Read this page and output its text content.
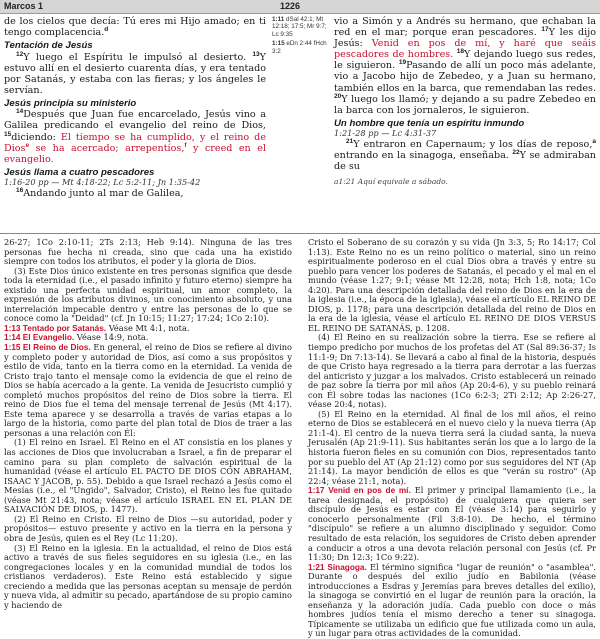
Marcos 1	1226
de los cielos que decía: Tú eres mi Hijo amado; en ti tengo complacencia.$^d$
Tentación de Jesús
$^{12}$Y luego el Espíritu le impulsó al desierto. $^{13}$Y estuvo allí en el desierto cuarenta días, y era tentado por Satanás, y estaba con las fieras; y los ángeles le servían.
Jesús principia su ministerio
$^{14}$Después que Juan fue encarcelado, Jesús vino a Galilea predicando el evangelio del reino de Dios, $^{15}$diciendo: El tiempo se ha cumplido, y el reino de Dios$^e$ se ha acercado; arrepentíos,$^f$ y creed en el evangelio.
Jesús llama a cuatro pescadores
1:16-20 pp — Mt 4:18-22; Lc 5:2-11; Jn 1:35-42
$^{16}$Andando junto al mar de Galilea,
1:11 dSal 42:1; Mt 12:18; 17:5; Mr 9:7; Lc 9:35
1:15 eDn 2:44 fHch 3:2
vio a Simón y a Andrés su hermano, que echaban la red en el mar; porque eran pescadores. $^{17}$Y les dijo Jesús: Venid en pos de mí, y haré que seáis pescadores de hombres. $^{18}$Y dejando luego sus redes, le siguieron. $^{19}$Pasando de allí un poco más adelante, vio a Jacobo hijo de Zebedeo, y a Juan su hermano, también ellos en la barca, que remendaban las redes. $^{20}$Y luego los llamó; y dejando a su padre Zebedeo en la barca con los jornaleros, le siguieron.
Un hombre que tenía un espíritu inmundo
1:21-28 pp — Lc 4:31-37
$^{21}$Y entraron en Capernaum; y los días de reposo,$^a$ entrando en la sinagoga, enseñaba. $^{22}$Y se admiraban de su
a1:21 Aquí equivale a sábado.

26-27; 1Co 2:10-11; 2Ts 2:13; Heb 9:14). Ninguna de las tres personas fue hecha ni creada, sino que cada una ha existido siempre con todos los atributos, el poder y la gloria de Dios.

(3) Este Dios único existente en tres personas significa que desde toda la eternidad (i.e., el pasado infinito y futuro eterno) siempre ha existido una perfecta unidad espiritual, un amor completo, la expresión de los atributos divinos, un conocimiento absoluto, y una interrelación impecable dentro y entre las personas de lo que se conoce como la "Deidad" (cf. Jn 10:15; 11:27; 17:24; 1Co 2:10).

1:13 Tentado por Satanás. Véase Mt 4:1, nota.

1:14 El Evangelio. Véase 14:9, nota.

1:15 El Reino de Dios. En general, el reino de Dios se refiere al divino y completo poder y autoridad de Dios, así como a sus propósitos y estilo de vida, tanto en la tierra como en la eternidad. La venida de Cristo trajo tanto el mensaje como la evidencia de que el reino de Dios se había acercado a la gente. La venida de Jesucristo cumplió y completó muchos propósitos del reino de Dios sobre la tierra. El reino de Dios fue el tema del mensaje terrenal de Jesús (Mt 4:17). Este tema aparece y se desarrolla a través de varias etapas a lo largo de la historia, como parte del plan total de Dios de traer a las personas a una relación con Él:

(1) El reino en Israel. El Reino en el AT consistía en los planes y las acciones de Dios que involucraban a Israel, a fin de preparar el camino para su plan completo de salvación espiritual de la humanidad (véase el artículo EL PACTO DE DIOS CON ABRAHAM, ISAAC Y JACOB, p. 55). Debido a que Israel rechazó a Jesús como el Mesías (i.e., el "Ungido", Salvador, Cristo), el Reino les fue quitado (véase Mt 21:43, nota; véase el artículo ISRAEL EN EL PLAN DE SALVACIÓN DE DIOS, p. 1477).

(2) El Reino en Cristo. El reino de Dios —su autoridad, poder y propósitos— estuvo presente y activo en la tierra en la persona y obra de Jesús, quien es el Rey (Lc 11:20).

(3) El Reino en la iglesia. En la actualidad, el reino de Dios está activo a través de sus fieles seguidores en su iglesia (i.e., en las congregaciones locales y en la comunidad mundial de todos los cristianos verdaderos). Este Reino está establecido y sigue creciendo a medida que las personas aceptan su mensaje de perdón y nueva vida, al admitir su pecado, apartándose de su propio camino y haciendo de

Cristo el Soberano de su corazón y su vida (Jn 3:3, 5; Ro 14:17; Col 1:13). Este Reino no es un reino político o material, sino un reino espiritualmente poderoso en el cual Dios obra a través y entre su pueblo para vencer los poderes de Satanás, el pecado y el mal en el mundo (véase 1:27; 9:1; véase Mt 12:28, nota; Hch 1:8, nota; 1Co 4:20). Para una descripción detallada del reino de Dios en la era de la iglesia (i.e., la época de la iglesia), véase el artículo EL REINO DE DIOS, p. 1178; para una descripción detallada del reino de Dios en la era de la iglesia, véase el artículo EL REINO DE DIOS VERSUS EL REINO DE SATANÁS, p. 1208.

(4) El Reino en su realización sobre la tierra. Ese se refiere al tiempo predicho por muchos de los profetas del AT (Sal 89:36-37; Is 11:1-9; Dn 7:13-14). Se llevará a cabo al final de la historia, después de que Cristo haya regresado a la tierra para derrotar a las fuerzas del anticristo y juzgar a los malvados. Cristo establecerá un reinado de paz sobre la tierra por mil años (Ap 20:4-6), y su pueblo reinará con Él sobre todas las naciones (1Co 6:2-3; 2Ti 2:12; Ap 2:26-27, véase 20:4, notas).

(5) El Reino en la eternidad. Al final de los mil años, el reino eterno de Dios se establecerá en el nuevo cielo y la nueva tierra (Ap 21:1-4). El centro de la nueva tierra será la ciudad santa, la nueva Jerusalén (Ap 21:9-11). Sus habitantes serán los que a lo largo de la historia fueron fieles en su comunión con Dios, representados tanto por su pueblo del AT (Ap 21:12) como por sus seguidores del NT (Ap 21:14). La mayor bendición de ellos es que "verán su rostro" (Ap 22:4; véase 21:1, nota).

1:17 Venid en pos de mí. El primer y principal llamamiento (i.e., la tarea designada, el propósito) de cualquiera que quiera ser discípulo de Jesús es estar con Él (véase 3:14) para seguirlo y conocerlo personalmente (Fil 3:8-10). De hecho, el término "discípulo" se refiere a un alumno disciplinado y seguidor. Como resultado de esta relación, los seguidores de Cristo deben aprender a conducir a otros a una devota relación personal con Jesús (cf. Pr 11:30; Dn 12:3; 1Co 9:22).

1:21 Sinagoga. El término significa "lugar de reunión" o "asamblea". Durante o después del exilio judío en Babilonia (véase introducciones a Esdras y Jeremías para breves detalles del exilio), la sinagoga se convirtió en el lugar de reunión para la oración, la enseñanza y la adoración judía. Cada pueblo con doce o más hombres judíos tenía el mismo derecho a tener su sinagoga. Típicamente se utilizaba un edificio que fue utilizada como un aula, y un lugar para otras actividades de la comunidad.
